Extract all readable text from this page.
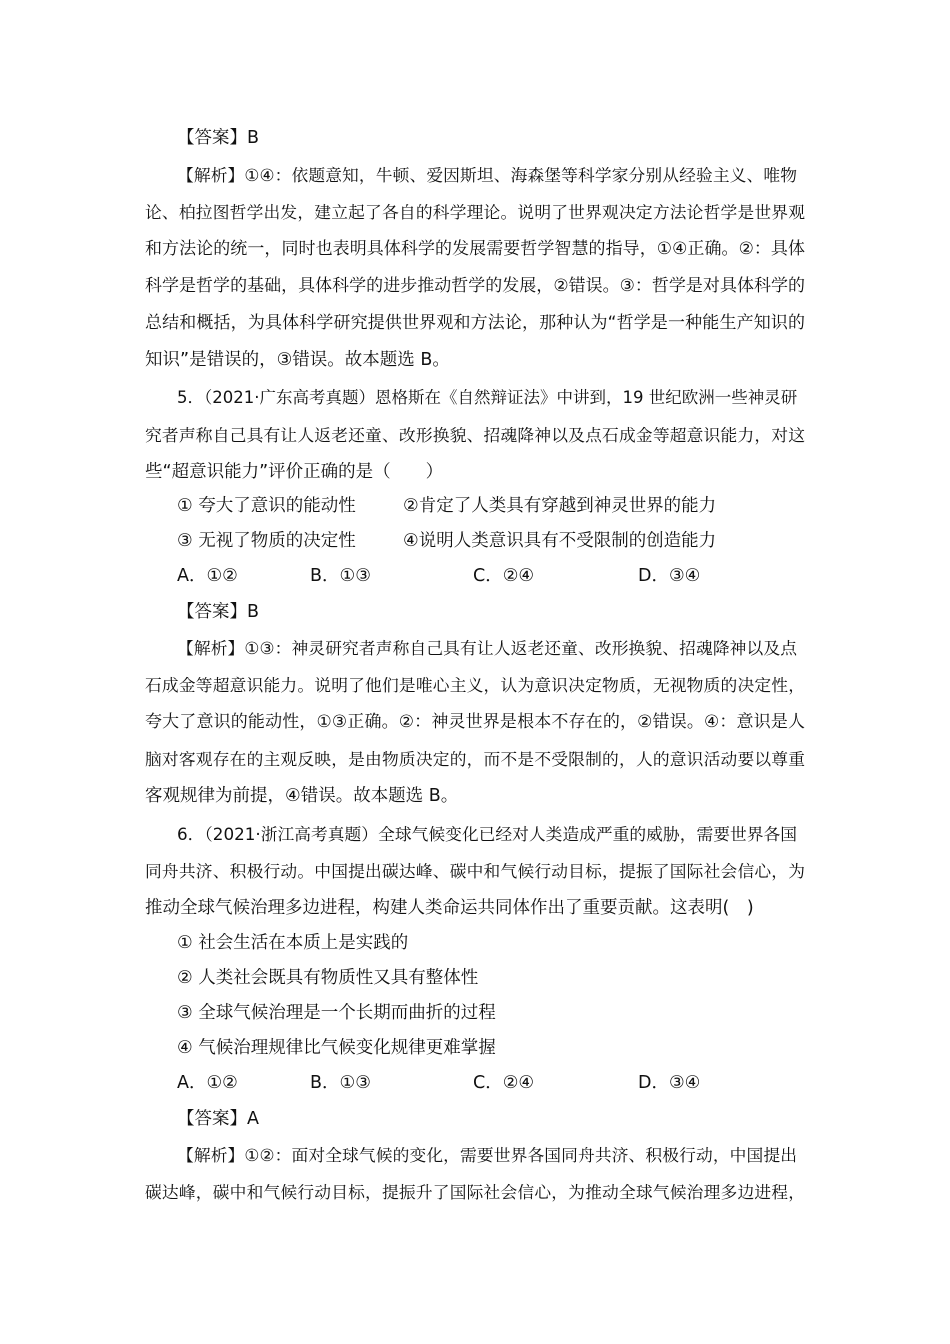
【答案】B
【解析】①④：依题意知，牛顿、爱因斯坦、海森堡等科学家分别从经验主义、唯物
论、柏拉图哲学出发，建立起了各自的科学理论。说明了世界观决定方法论哲学是世界观
和方法论的统一，同时也表明具体科学的发展需要哲学智慧的指导，①④正确。②：具体
科学是哲学的基础，具体科学的进步推动哲学的发展，②错误。③：哲学是对具体科学的
总结和概括，为具体科学研究提供世界观和方法论，那种认为“哲学是一种能生产知识的
知识”是错误的，③错误。故本题选 B。
5．（2021·广东高考真题）恩格斯在《自然辩证法》中讲到，19 世纪欧洲一些神灵研
究者声称自己具有让人返老还童、改形换貌、招魂降神以及点石成金等超意识能力，对这
些“超意识能力”评价正确的是（　　）
① 夸大了意识的能动性	②肯定了人类具有穿越到神灵世界的能力
③ 无视了物质的决定性	④说明人类意识具有不受限制的创造能力
A．①②	B．①③	C．②④	D．③④
【答案】B
【解析】①③：神灵研究者声称自己具有让人返老还童、改形换貌、招魂降神以及点
石成金等超意识能力。说明了他们是唯心主义，认为意识决定物质，无视物质的决定性，
夸大了意识的能动性，①③正确。②：神灵世界是根本不存在的，②错误。④：意识是人
脑对客观存在的主观反映，是由物质决定的，而不是不受限制的，人的意识活动要以尊重
客观规律为前提，④错误。故本题选 B。
6．（2021·浙江高考真题）全球气候变化已经对人类造成严重的威胁，需要世界各国
同舟共济、积极行动。中国提出碳达峰、碳中和气候行动目标，提振了国际社会信心，为
推动全球气候治理多边进程，构建人类命运共同体作出了重要贡献。这表明(　)
① 社会生活在本质上是实践的
② 人类社会既具有物质性又具有整体性
③ 全球气候治理是一个长期而曲折的过程
④ 气候治理规律比气候变化规律更难掌握
A．①②	B．①③	C．②④	D．③④
【答案】A
【解析】①②：面对全球气候的变化，需要世界各国同舟共济、积极行动，中国提出
碳达峰，碳中和气候行动目标，提振升了国际社会信心，为推动全球气候治理多边进程，
